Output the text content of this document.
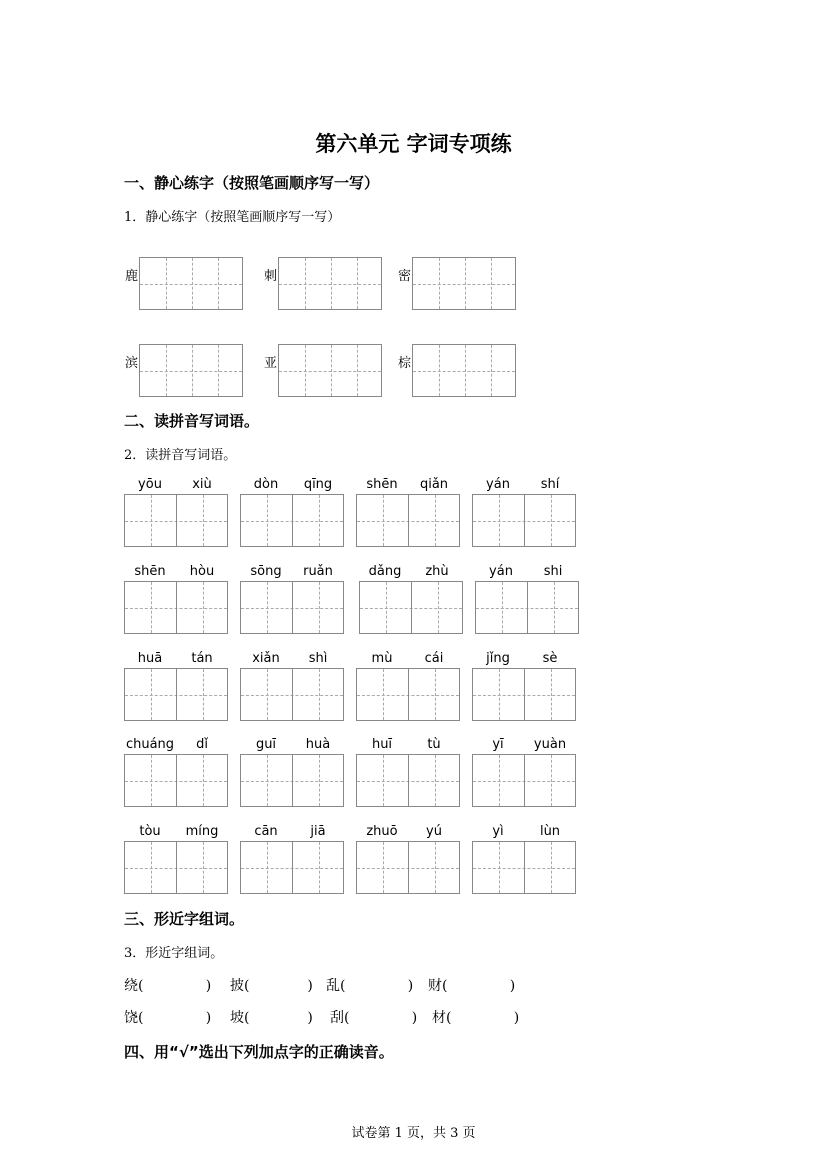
第六单元 字词专项练
一、静心练字（按照笔画顺序写一写）
1．静心练字（按照笔画顺序写一写）
鹿	刺	密
滨	亚	棕
二、读拼音写词语。
2．读拼音写词语。
yōu	xiù	dòn	qīng	shēn	qiǎn	yán	shí
shēn	hòu	sōng	ruǎn	dǎng	zhù	yán	shi
huā	tán	xiǎn	shì	mù	cái	jǐng	sè
chuáng	dǐ	guī	huà	huī	tù	yī	yuàn
tòu	míng	cān	jiā	zhuō	yú	yì	lùn
三、形近字组词。
3．形近字组词。
绕(              ) 披(             ) 乱(              ) 财(              )
饶(              ) 坡(             ) 刮(              ) 材(              )
四、用“√”选出下列加点字的正确读音。
试卷第 1 页，共 3 页
